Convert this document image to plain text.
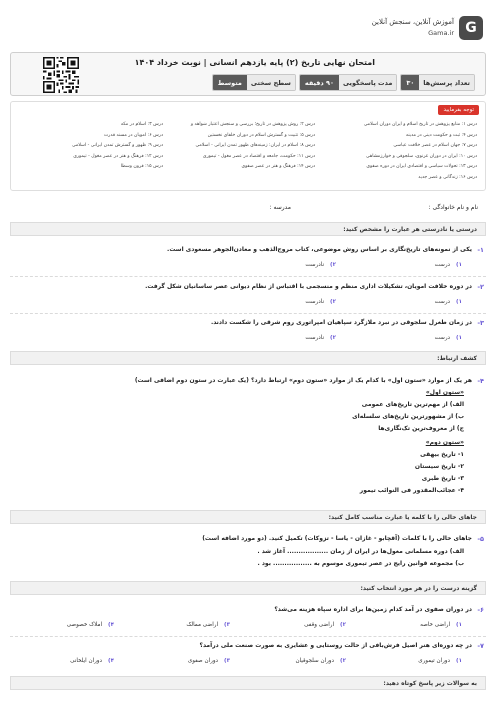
G
آموزش آنلاین، سنجش آنلاین
Gama.ir
امتحان نهایی تاریخ (۲) پایه یازدهم انسانی | نوبت خرداد ۱۴۰۴
تعداد پرسش‌ها
۳۰
مدت پاسخگویی
۹۰ دقیقه
سطح سختی
متوسط
توجه بفرمایید
درس ۱: منابع پژوهش در تاریخ اسلام و ایران دوران اسلامی
درس ۴: ثبت و حکومت دینی در مدینه
درس ۷: جهان اسلام در عصر خلافت عباسی
درس ۱۰: ایران در دوران غزنوی، سلجوقی و خوارزمشاهی
درس ۱۳: تحولات سیاسی و اقتصادی ایران در دوره صفوی
درس ۱۶: زندگانی و عصر جدید
درس ۲: روش پژوهش در تاریخ؛ بررسی و سنجش اعتبار شواهد و
درس ۵: تثبیت و گسترش اسلام در دوران خلفای نخستین
درس ۸: اسلام در ایران: زمینه‌های ظهور تمدن ایرانی - اسلامی
درس ۱۱: حکومت، جامعه و اقتصاد در عصر مغول - تیموری
درس ۱۴: فرهنگ و هنر در عصر صفوی
درس ۳: اسلام در مکه
درس ۶: امویان در مسند قدرت
درس ۹: ظهور و گسترش تمدن ایرانی - اسلامی
درس ۱۲: فرهنگ و هنر در عصر مغول - تیموری
درس ۱۵: قرون وسطا
نام و نام خانوادگی :
مدرسه :
درستی یا نادرستی هر عبارت را مشخص کنید:
۱-
یکی از نمونه‌های تاریخ‌نگاری بر اساس روش موضوعی، کتاب مروج‌الذهب و معادن‌الجوهر مسعودی است.
۱)درست
۲)نادرست
۲-
در دوره خلافت امویان، تشکیلات اداری منظم و منسجمی با اقتباس از نظام دیوانی عصر ساسانیان شکل گرفت.
۱)درست
۲)نادرست
۳-
در زمان طغرل سلجوقی در نبرد ملازگرد سپاهیان امپراتوری روم شرقی را شکست دادند.
۱)درست
۲)نادرست
کشف ارتباط:
۴-
هر یک از موارد «ستون اول» با کدام یک از موارد «ستون دوم» ارتباط دارد؟ (یک عبارت در ستون دوم اضافی است)
«ستون اول»
الف) از مهم‌ترین تاریخ‌های عمومی
ب) از مشهورترین تاریخ‌های سلسله‌ای
ج) از معروف‌ترین تک‌نگاری‌ها
«ستون دوم»
۱- تاریخ بیهقی
۲- تاریخ سیستان
۳- تاریخ طبری
۴- عجائب‌المقدور فی النوائب تیمور
جاهای خالی را با کلمه یا عبارت مناسب کامل کنید:
۵-
جاهای خالی را با کلمات (آقچابو - غازان - یاسا - تزوکات) تکمیل کنید. (دو مورد اضافه است)
الف) دوره مسلمانی مغول‌ها در ایران از زمان .................. آغاز شد .
ب) مجموعه قوانین رایج در عصر تیموری موسوم به ................. بود .
گزینه درست را در هر مورد انتخاب کنید:
۶-
در دوران صفوی در آمد کدام زمین‌ها برای اداره سپاه هزینه می‌شد؟
۱)اراضی خاصه
۲)اراضی وقفی
۳)اراضی ممالک
۴)املاک خصوصی
۷-
در چه دوره‌ای هنر اصیل فرش‌بافی از حالت روستایی و عشایری به صورت صنعت ملی درآمد؟
۱)دوران تیموری
۲)دوران سلجوقیان
۳)دوران صفوی
۴)دوران ایلخانی
به سوالات زیر پاسخ کوتاه دهید:
